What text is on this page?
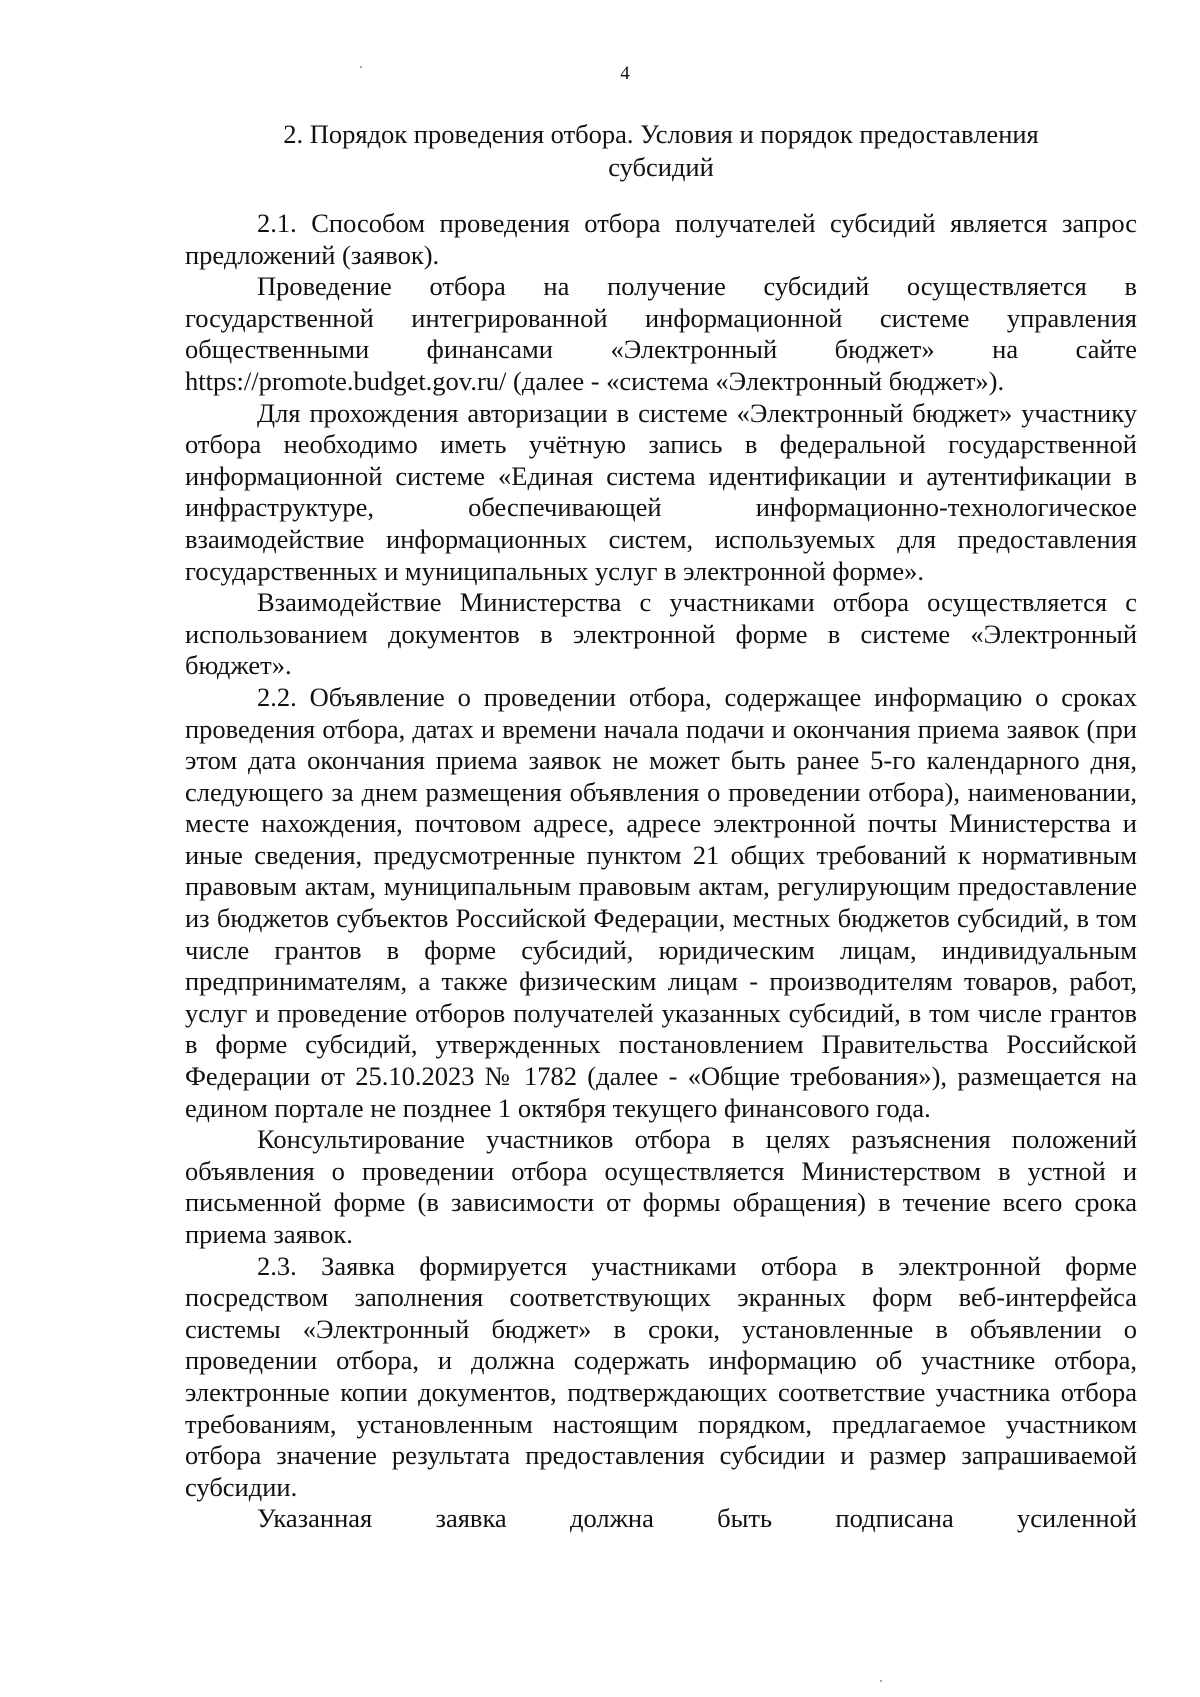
4
2. Порядок проведения отбора. Условия и порядок предоставления
субсидий

2.1. Способом проведения отбора получателей субсидий является запрос предложений (заявок).

Проведение отбора на получение субсидий осуществляется в государственной интегрированной информационной системе управления общественными финансами «Электронный бюджет» на сайте https://promote.budget.gov.ru/ (далее - «система «Электронный бюджет»).

Для прохождения авторизации в системе «Электронный бюджет» участнику отбора необходимо иметь учётную запись в федеральной государственной информационной системе «Единая система идентификации и аутентификации в инфраструктуре, обеспечивающей информационно-технологическое взаимодействие информационных систем, используемых для предоставления государственных и муниципальных услуг в электронной форме».

Взаимодействие Министерства с участниками отбора осуществляется с использованием документов в электронной форме в системе «Электронный бюджет».

2.2. Объявление о проведении отбора, содержащее информацию о сроках проведения отбора, датах и времени начала подачи и окончания приема заявок (при этом дата окончания приема заявок не может быть ранее 5-го календарного дня, следующего за днем размещения объявления о проведении отбора), наименовании, месте нахождения, почтовом адресе, адресе электронной почты Министерства и иные сведения, предусмотренные пунктом 21 общих требований к нормативным правовым актам, муниципальным правовым актам, регулирующим предоставление из бюджетов субъектов Российской Федерации, местных бюджетов субсидий, в том числе грантов в форме субсидий, юридическим лицам, индивидуальным предпринимателям, а также физическим лицам - производителям товаров, работ, услуг и проведение отборов получателей указанных субсидий, в том числе грантов в форме субсидий, утвержденных постановлением Правительства Российской Федерации от 25.10.2023 № 1782 (далее - «Общие требования»), размещается на едином портале не позднее 1 октября текущего финансового года.

Консультирование участников отбора в целях разъяснения положений объявления о проведении отбора осуществляется Министерством в устной и письменной форме (в зависимости от формы обращения) в течение всего срока приема заявок.

2.3. Заявка формируется участниками отбора в электронной форме посредством заполнения соответствующих экранных форм веб-интерфейса системы «Электронный бюджет» в сроки, установленные в объявлении о проведении отбора, и должна содержать информацию об участнике отбора, электронные копии документов, подтверждающих соответствие участника отбора требованиям, установленным настоящим порядком, предлагаемое участником отбора значение результата предоставления субсидии и размер запрашиваемой субсидии.

Указанная заявка должна быть подписана усиленной
